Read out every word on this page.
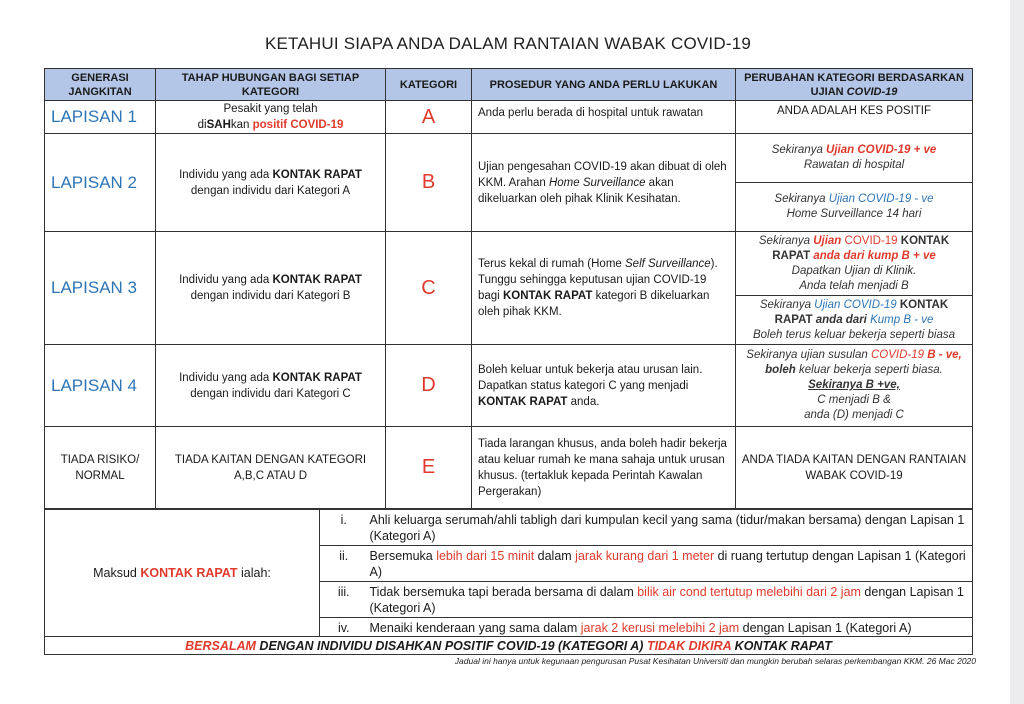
KETAHUI SIAPA ANDA DALAM RANTAIAN WABAK COVID-19
GENERASI JANGKITAN	TAHAP HUBUNGAN BAGI SETIAP KATEGORI	KATEGORI	PROSEDUR YANG ANDA PERLU LAKUKAN	PERUBAHAN KATEGORI BERDASARKAN UJIAN COVID-19
LAPISAN 1	Pesakit yang telah
diSAHkan positif COVID-19	A	Anda perlu berada di hospital untuk rawatan	ANDA ADALAH KES POSITIF
LAPISAN 2	Individu yang ada KONTAK RAPAT
dengan individu dari Kategori A	B	Ujian pengesahan COVID-19 akan dibuat di oleh KKM. Arahan Home Surveillance akan dikeluarkan oleh pihak Klinik Kesihatan.	Sekiranya Ujian COVID-19 + ve
Rawatan di hospital
				Sekiranya Ujian COVID-19 - ve
Home Surveillance 14 hari
LAPISAN 3	Individu yang ada KONTAK RAPAT
dengan individu dari Kategori B	C	Terus kekal di rumah (Home Self Surveillance). Tunggu sehingga keputusan ujian COVID-19 bagi KONTAK RAPAT kategori B dikeluarkan oleh pihak KKM.	Sekiranya Ujian COVID-19 KONTAK RAPAT anda dari kump B + ve
Dapatkan Ujian di Klinik.
Anda telah menjadi B
				Sekiranya Ujian COVID-19 KONTAK RAPAT anda dari Kump B - ve
Boleh terus keluar bekerja seperti biasa
LAPISAN 4	Individu yang ada KONTAK RAPAT
dengan individu dari Kategori C	D	Boleh keluar untuk bekerja atau urusan lain. Dapatkan status kategori C yang menjadi KONTAK RAPAT anda.	Sekiranya ujian susulan COVID-19 B - ve,
boleh keluar bekerja seperti biasa.
Sekiranya B +ve,
C menjadi B &
anda (D) menjadi C
TIADA RISIKO/ NORMAL	TIADA KAITAN DENGAN KATEGORI A,B,C ATAU D	E	Tiada larangan khusus, anda boleh hadir bekerja atau keluar rumah ke mana sahaja untuk urusan khusus. (tertakluk kepada Perintah Kawalan Pergerakan)	ANDA TIADA KAITAN DENGAN RANTAIAN WABAK COVID-19
Maksud KONTAK RAPAT ialah:	i.	Ahli keluarga serumah/ahli tabligh dari kumpulan kecil yang sama (tidur/makan bersama) dengan Lapisan 1 (Kategori A)
	ii.	Bersemuka lebih dari 15 minit dalam jarak kurang dari 1 meter di ruang tertutup dengan Lapisan 1 (Kategori A)
	iii.	Tidak bersemuka tapi berada bersama di dalam bilik air cond tertutup melebihi dari 2 jam dengan Lapisan 1 (Kategori A)
	iv.	Menaiki kenderaan yang sama dalam jarak 2 kerusi melebihi 2 jam dengan Lapisan 1 (Kategori A)
BERSALAM DENGAN INDIVIDU DISAHKAN POSITIF COVID-19 (KATEGORI A) TIDAK DIKIRA KONTAK RAPAT		
Jadual ini hanya untuk kegunaan pengurusan Pusat Kesihatan Universiti dan mungkin berubah selaras perkembangan KKM. 26 Mac 2020
